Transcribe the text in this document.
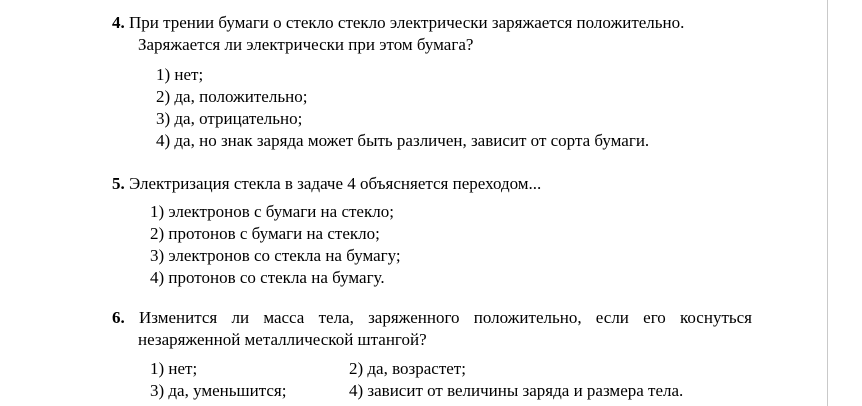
4. При трении бумаги о стекло стекло электрически заряжается положительно.
Заряжается ли электрически при этом бумага?
1) нет;
2) да, положительно;
3) да, отрицательно;
4) да, но знак заряда может быть различен, зависит от сорта бумаги.
5. Электризация стекла в задаче 4 объясняется переходом...
1) электронов с бумаги на стекло;
2) протонов с бумаги на стекло;
3) электронов со стекла на бумагу;
4) протонов со стекла на бумагу.
6. Изменится ли масса тела, заряженного положительно, если его коснуться
незаряженной металлической штангой?
1) нет;	2) да, возрастет;
3) да, уменьшится;	4) зависит от величины заряда и размера тела.
